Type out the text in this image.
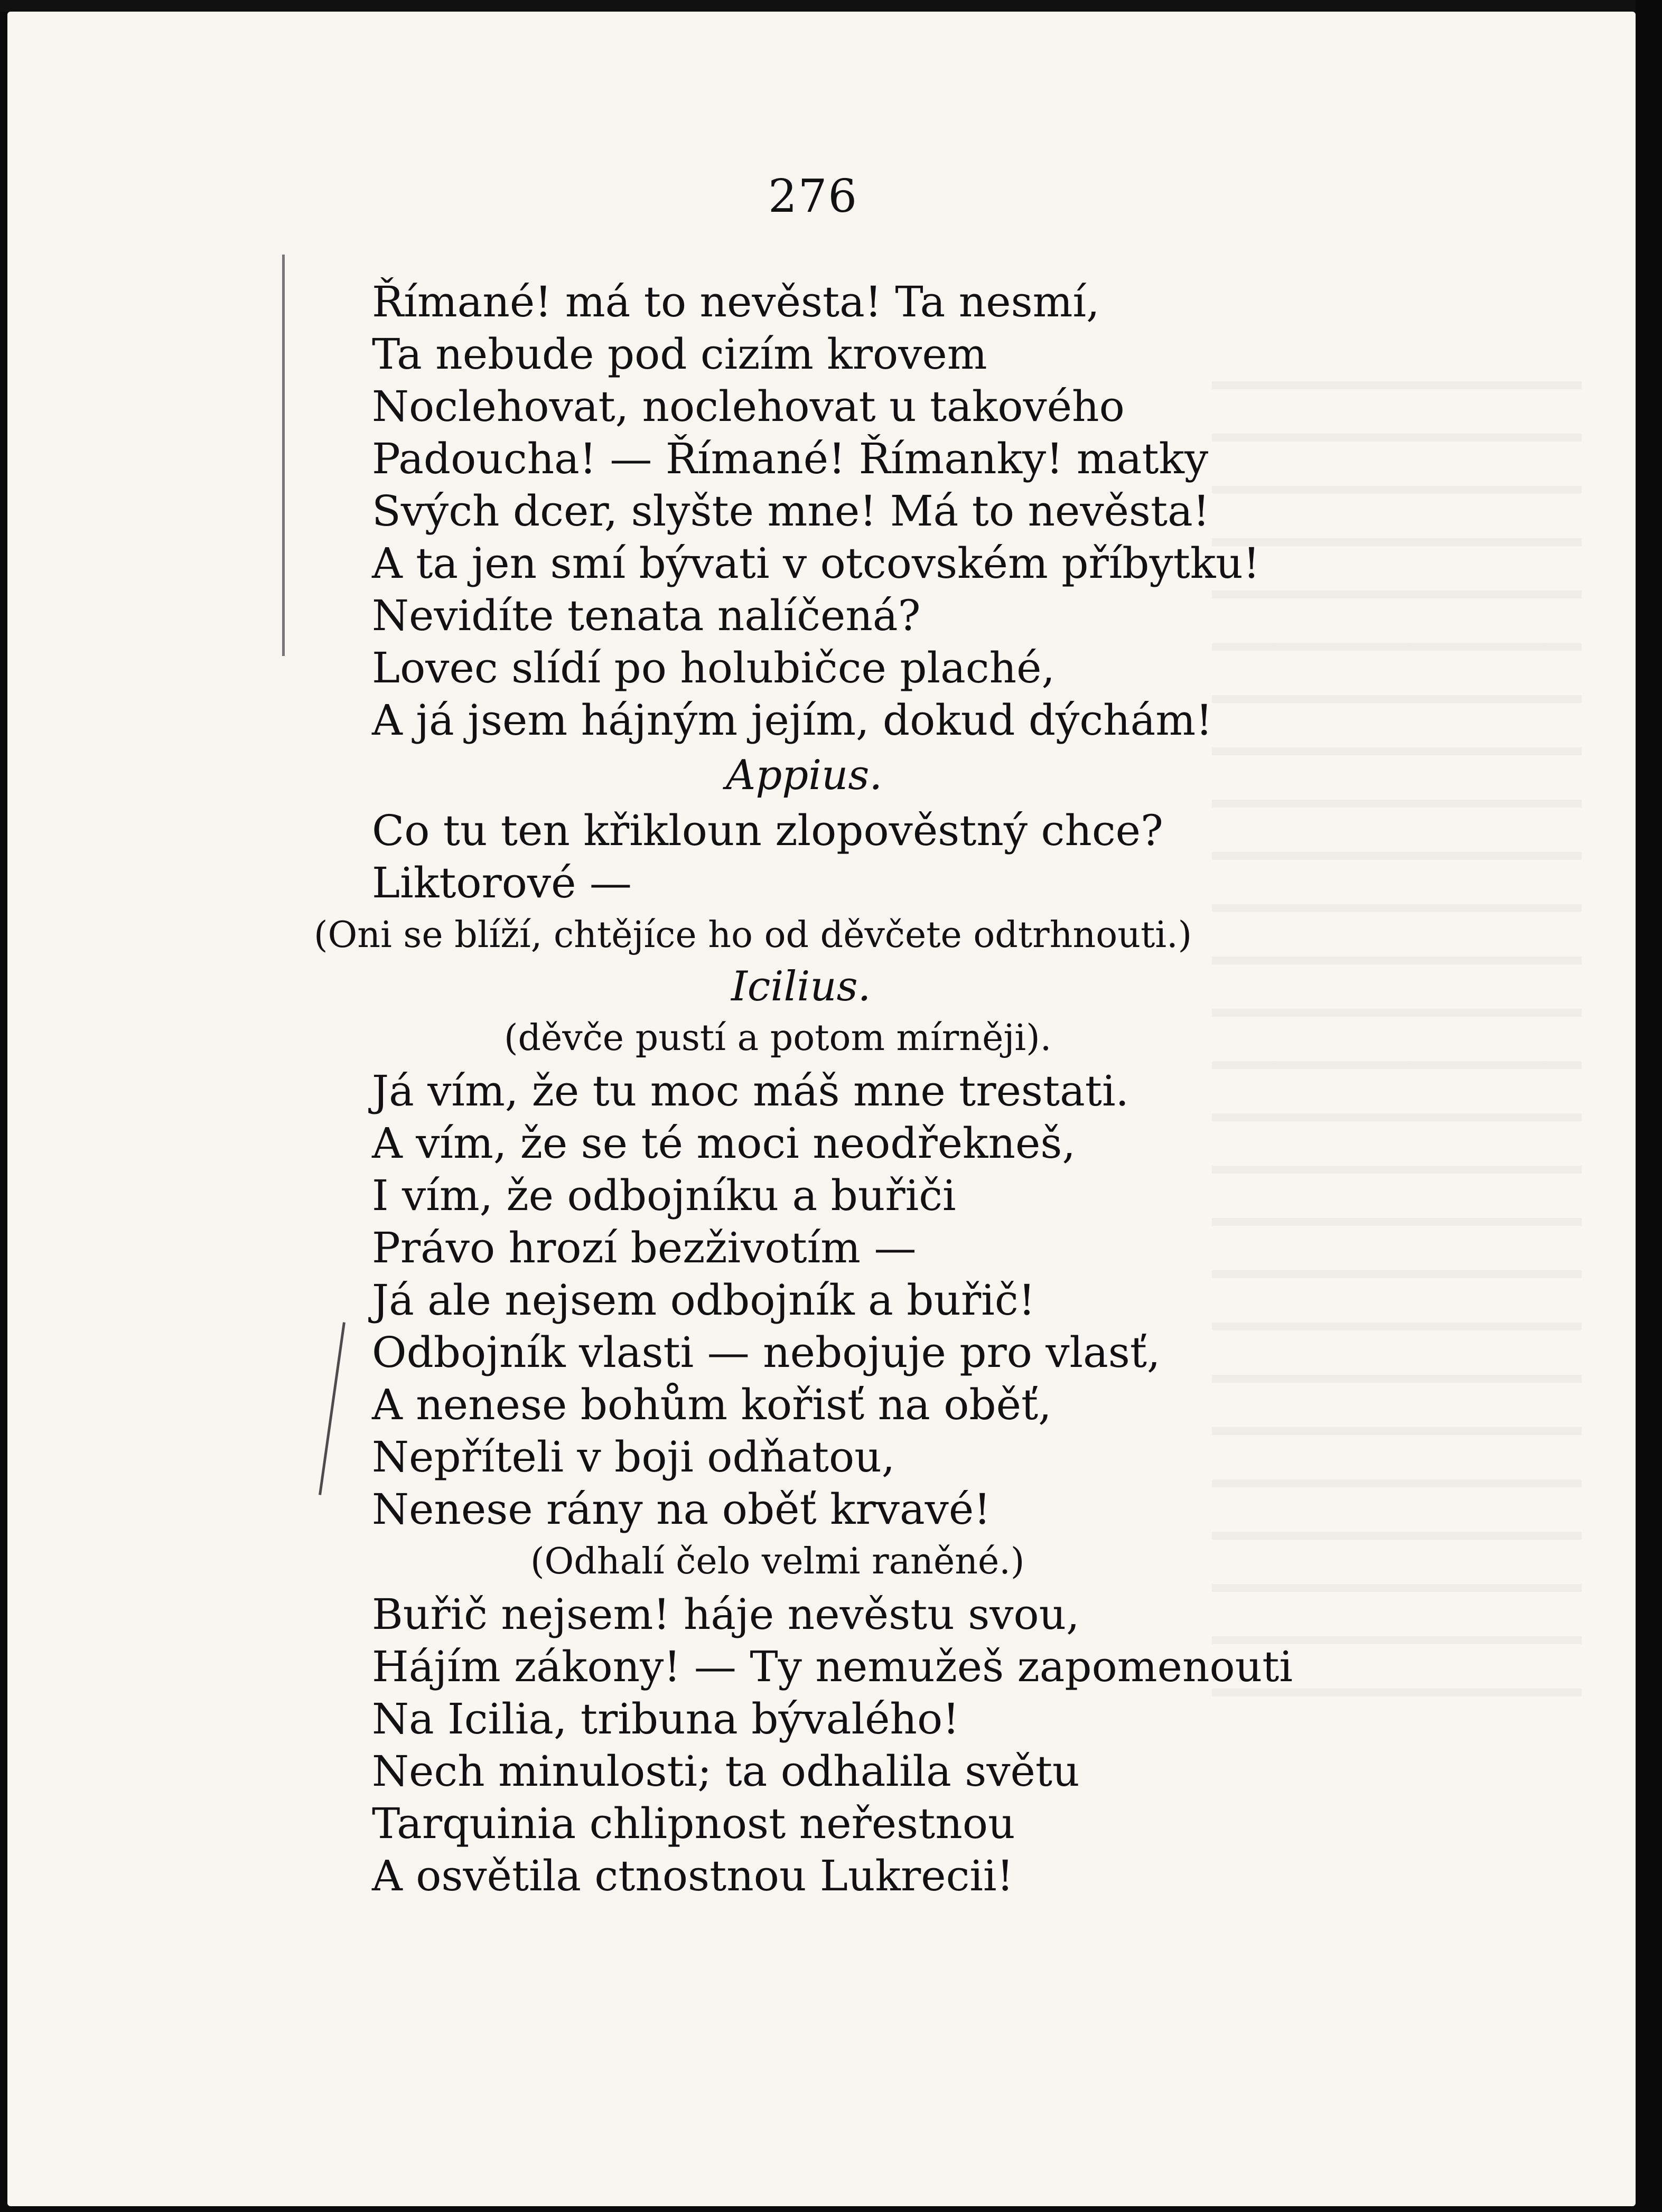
276
Římané! má to nevěsta! Ta nesmí,
Ta nebude pod cizím krovem
Noclehovat, noclehovat u takového
Padoucha! — Římané! Římanky! matky
Svých dcer, slyšte mne! Má to nevěsta!
A ta jen smí bývati v otcovském příbytku!
Nevidíte tenata nalíčená?
Lovec slídí po holubičce plaché,
A já jsem hájným jejím, dokud dýchám!
Appius.
Co tu ten křikloun zlopověstný chce?
Liktorové —
(Oni se blíží, chtějíce ho od děvčete odtrhnouti.)
Icilius.
(děvče pustí a potom mírněji).
Já vím, že tu moc máš mne trestati.
A vím, že se té moci neodřekneš,
I vím, že odbojníku a buřiči
Právo hrozí bezživotím —
Já ale nejsem odbojník a buřič!
Odbojník vlasti — nebojuje pro vlasť,
A nenese bohům kořisť na oběť,
Nepříteli v boji odňatou,
Nenese rány na oběť krvavé!
(Odhalí čelo velmi raněné.)
Buřič nejsem! háje nevěstu svou,
Hájím zákony! — Ty nemužeš zapomenouti
Na Icilia, tribuna bývalého!
Nech minulosti; ta odhalila světu
Tarquinia chlipnost neřestnou
A osvětila ctnostnou Lukrecii!
